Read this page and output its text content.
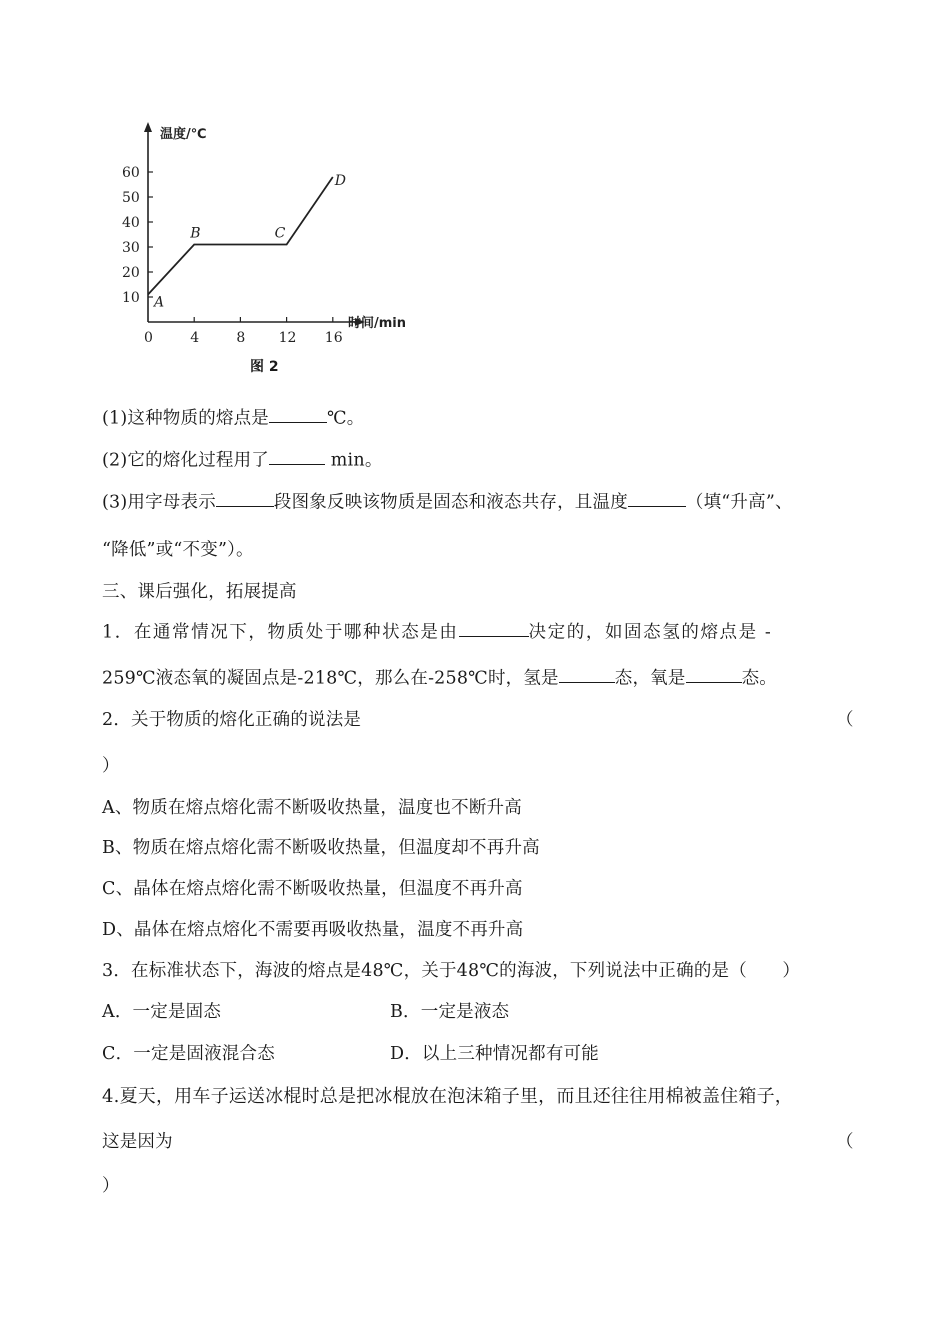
温度/℃
时间/min
10
20
30
40
50
60
0	4	8 12 16
A
B	C
D
图 2
(1)这种物质的熔点是	℃。
(2)它的熔化过程用了	min。
(3)用字母表示	段图象反映该物质是固态和液态共存，且温度	（填“升高”、
“降低”或“不变”）。
三、课后强化，拓展提高
1．在通常情况下，物质处于哪种状态是由	决定的，如固态氢的熔点是 -
259℃液态氧的凝固点是-218℃，那么在-258℃时，氢是	态，氧是	态。
2．关于物质的熔化正确的说法是	（
）
A、物质在熔点熔化需不断吸收热量，温度也不断升高
B、物质在熔点熔化需不断吸收热量，但温度却不再升高
C、晶体在熔点熔化需不断吸收热量，但温度不再升高
D、晶体在熔点熔化不需要再吸收热量，温度不再升高
3．在标准状态下，海波的熔点是48℃，关于48℃的海波，下列说法中正确的是（　　）
A．一定是固态	B．一定是液态
C．一定是固液混合态	D．以上三种情况都有可能
4.夏天，用车子运送冰棍时总是把冰棍放在泡沫箱子里，而且还往往用棉被盖住箱子，
这是因为	（
）
